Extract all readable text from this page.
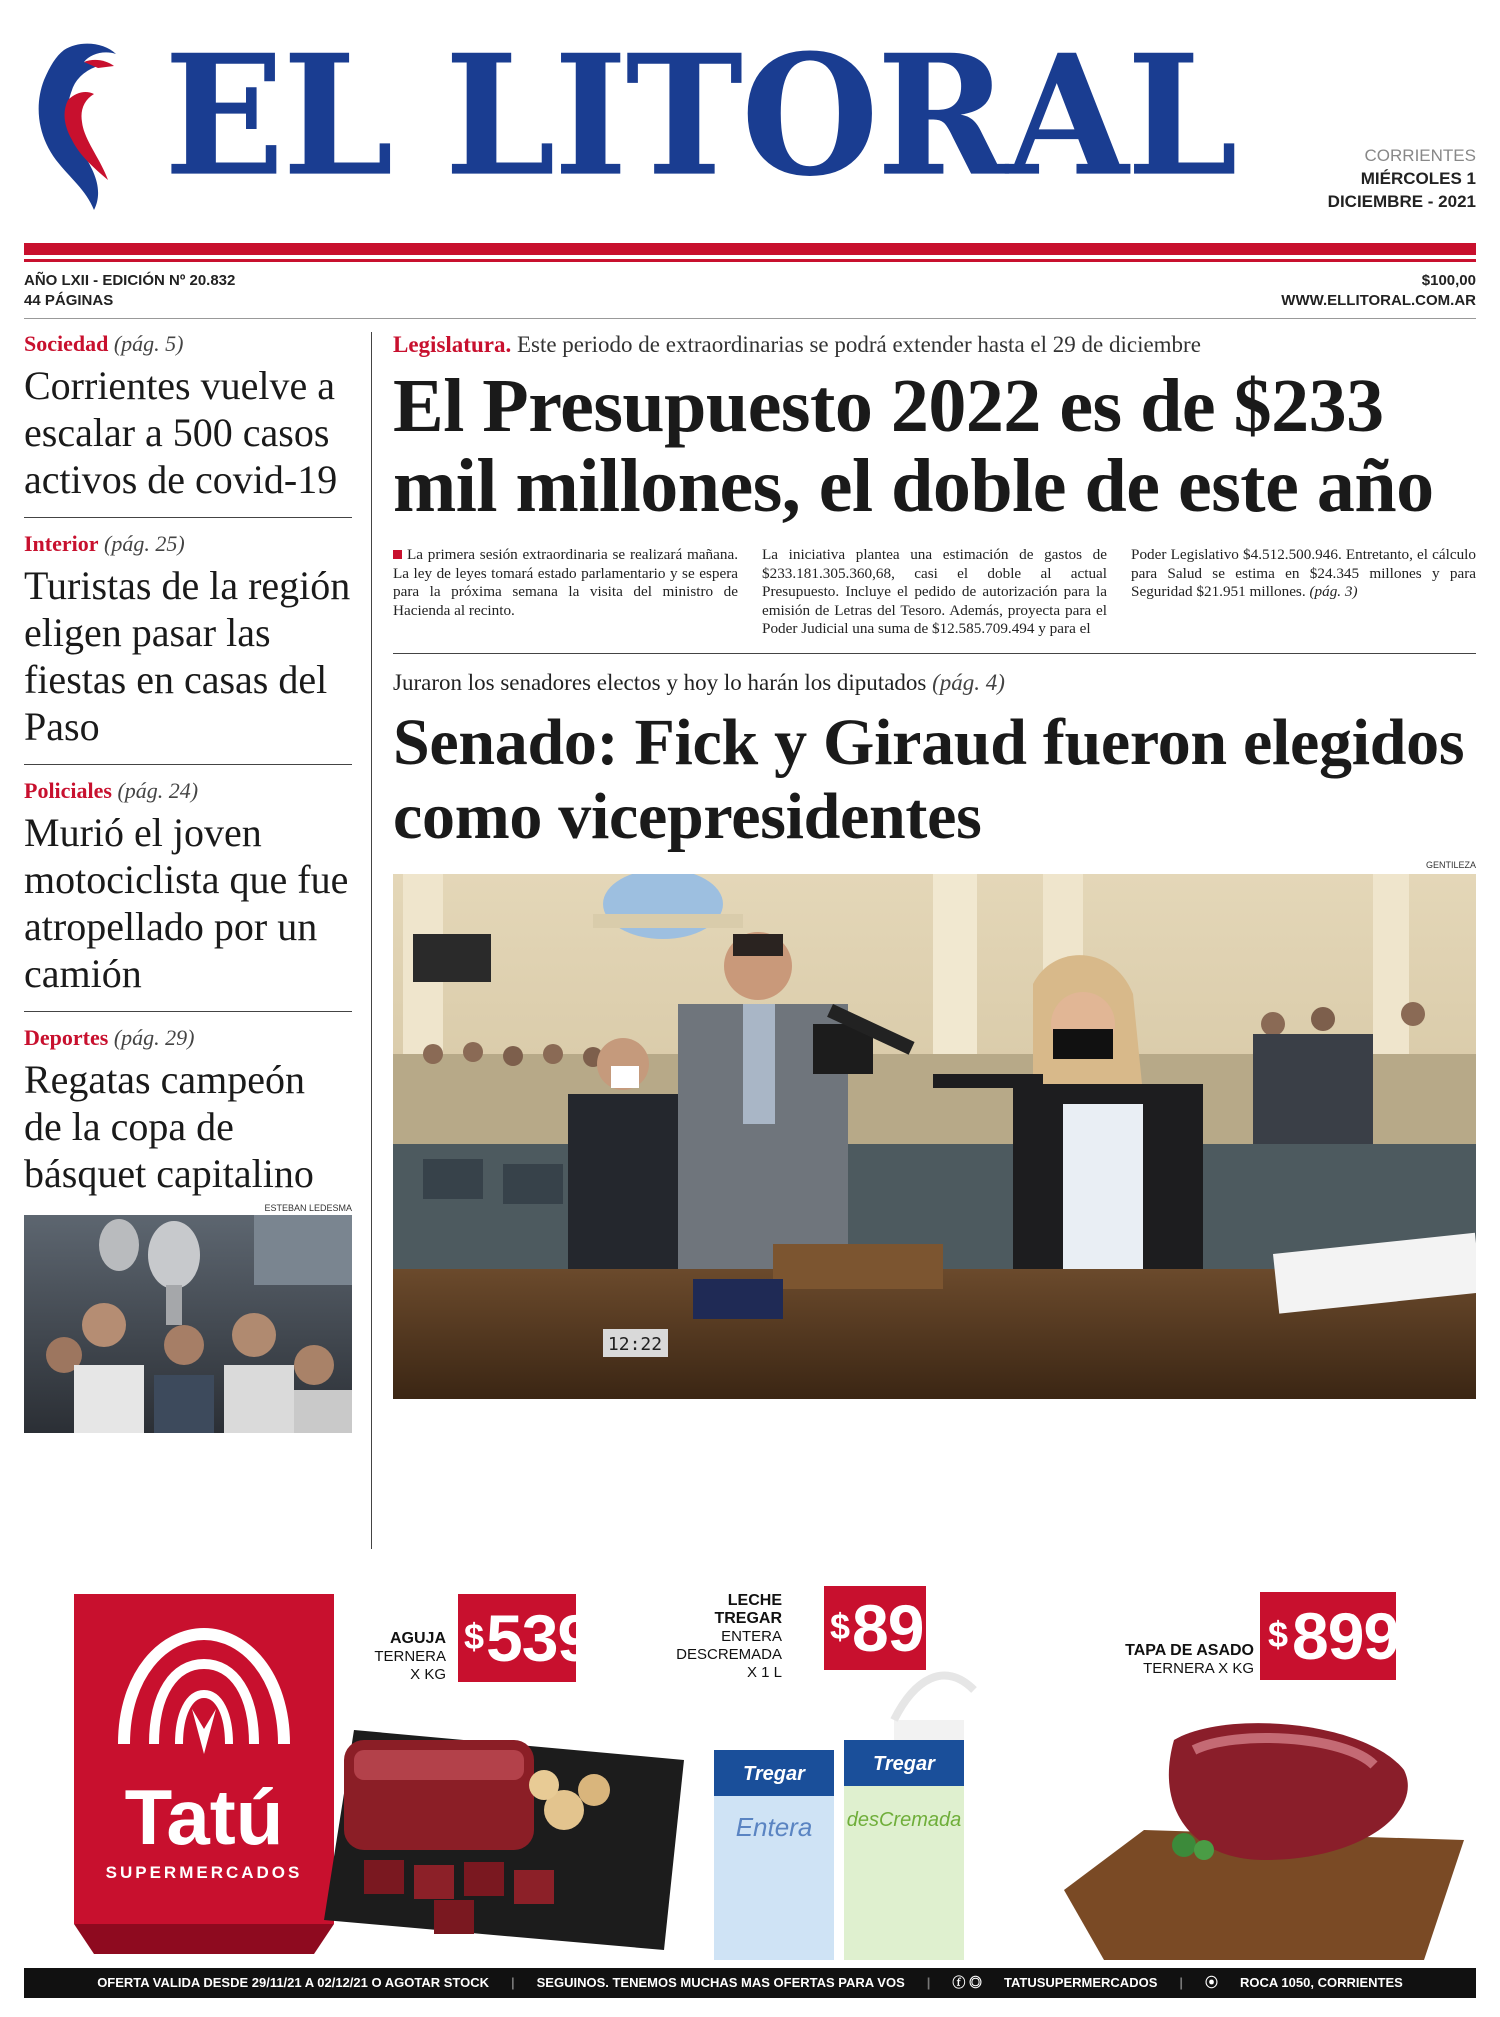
EL LITORAL	CORRIENTES
MIÉRCOLES 1
DICIEMBRE - 2021
AÑO LXII - EDICIÓN Nº 20.832
44 PÁGINAS
$100,00
WWW.ELLITORAL.COM.AR
Sociedad (pág. 5)
Corrientes vuelve a escalar a 500 casos activos de covid-19
Interior (pág. 25)
Turistas de la región eligen pasar las fiestas en casas del Paso
Policiales (pág. 24)
Murió el joven motociclista que fue atropellado por un camión
Deportes (pág. 29)
Regatas campeón de la copa de básquet capitalino
ESTEBAN LEDESMA
Legislatura. Este periodo de extraordinarias se podrá extender hasta el 29 de diciembre
El Presupuesto 2022 es de $233 mil millones, el doble de este año

La primera sesión extraordinaria se realizará mañana. La ley de leyes tomará estado parlamentario y se espera para la próxima semana la visita del ministro de Hacienda al recinto.

La iniciativa plantea una estimación de gastos de $233.181.305.360,68, casi el doble al actual Presupuesto. Incluye el pedido de autorización para la emisión de Letras del Tesoro. Además, proyecta para el Poder Judicial una suma de $12.585.709.494 y para el

Poder Legislativo $4.512.500.946. Entretanto, el cálculo para Salud se estima en $24.345 millones y para Seguridad $21.951 millones. (pág. 3)

Juraron los senadores electos y hoy lo harán los diputados (pág. 4)
Senado: Fick y Giraud fueron elegidos como vicepresidentes
GENTILEZA
12:22
Tatú
SUPERMERCADOS
AGUJA
TERNERA
X KG
$ 539
LECHE TREGAR
ENTERA
DESCREMADA
X 1 L
$ 89
Tregar
Entera
Tregar
desCremada
TAPA DE ASADO
TERNERA X KG
$ 899
OFERTA VALIDA DESDE 29/11/21 A 02/12/21 O AGOTAR STOCK | SEGUINOS. TENEMOS MUCHAS MAS OFERTAS PARA VOS | ⓕ ◎ TATUSUPERMERCADOS | ⦿ ROCA 1050, CORRIENTES
